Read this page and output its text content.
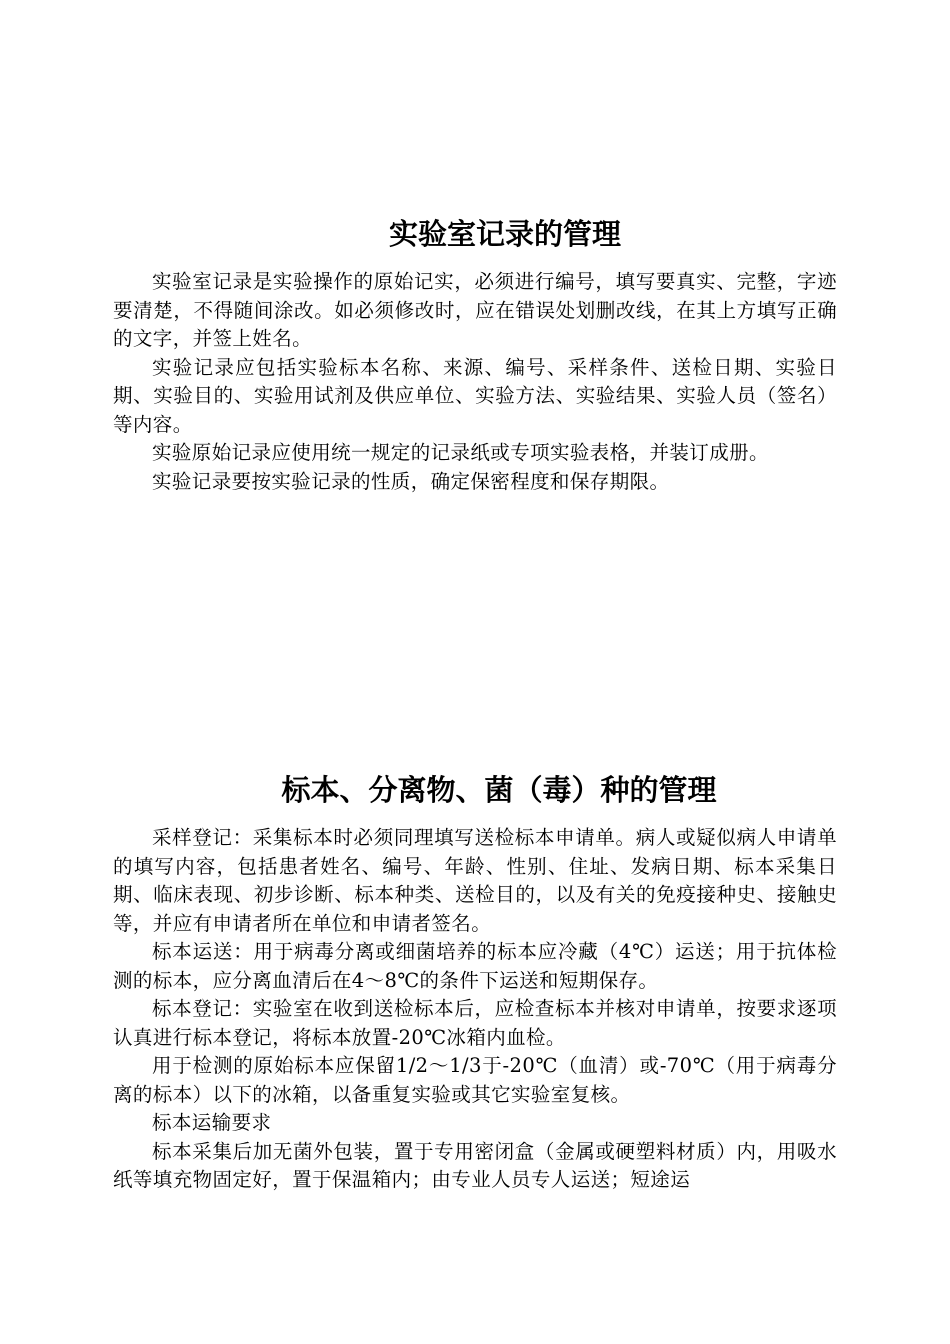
实验室记录的管理

实验室记录是实验操作的原始记实，必须进行编号，填写要真实、完整，字迹要清楚，不得随间涂改。如必须修改时，应在错误处划删改线，在其上方填写正确的文字，并签上姓名。

实验记录应包括实验标本名称、来源、编号、采样条件、送检日期、实验日期、实验目的、实验用试剂及供应单位、实验方法、实验结果、实验人员（签名）等内容。

实验原始记录应使用统一规定的记录纸或专项实验表格，并装订成册。

实验记录要按实验记录的性质，确定保密程度和保存期限。

标本、分离物、菌（毒）种的管理

采样登记：采集标本时必须同理填写送检标本申请单。病人或疑似病人申请单的填写内容，包括患者姓名、编号、年龄、性别、住址、发病日期、标本采集日期、临床表现、初步诊断、标本种类、送检目的，以及有关的免疫接种史、接触史等，并应有申请者所在单位和申请者签名。

标本运送：用于病毒分离或细菌培养的标本应冷藏（4℃）运送；用于抗体检测的标本，应分离血清后在4～8℃的条件下运送和短期保存。

标本登记：实验室在收到送检标本后，应检查标本并核对申请单，按要求逐项认真进行标本登记，将标本放置-20℃冰箱内血检。

用于检测的原始标本应保留1/2～1/3于-20℃（血清）或-70℃（用于病毒分离的标本）以下的冰箱，以备重复实验或其它实验室复核。

标本运输要求

标本采集后加无菌外包装，置于专用密闭盒（金属或硬塑料材质）内，用吸水纸等填充物固定好，置于保温箱内；由专业人员专人运送；短途运
